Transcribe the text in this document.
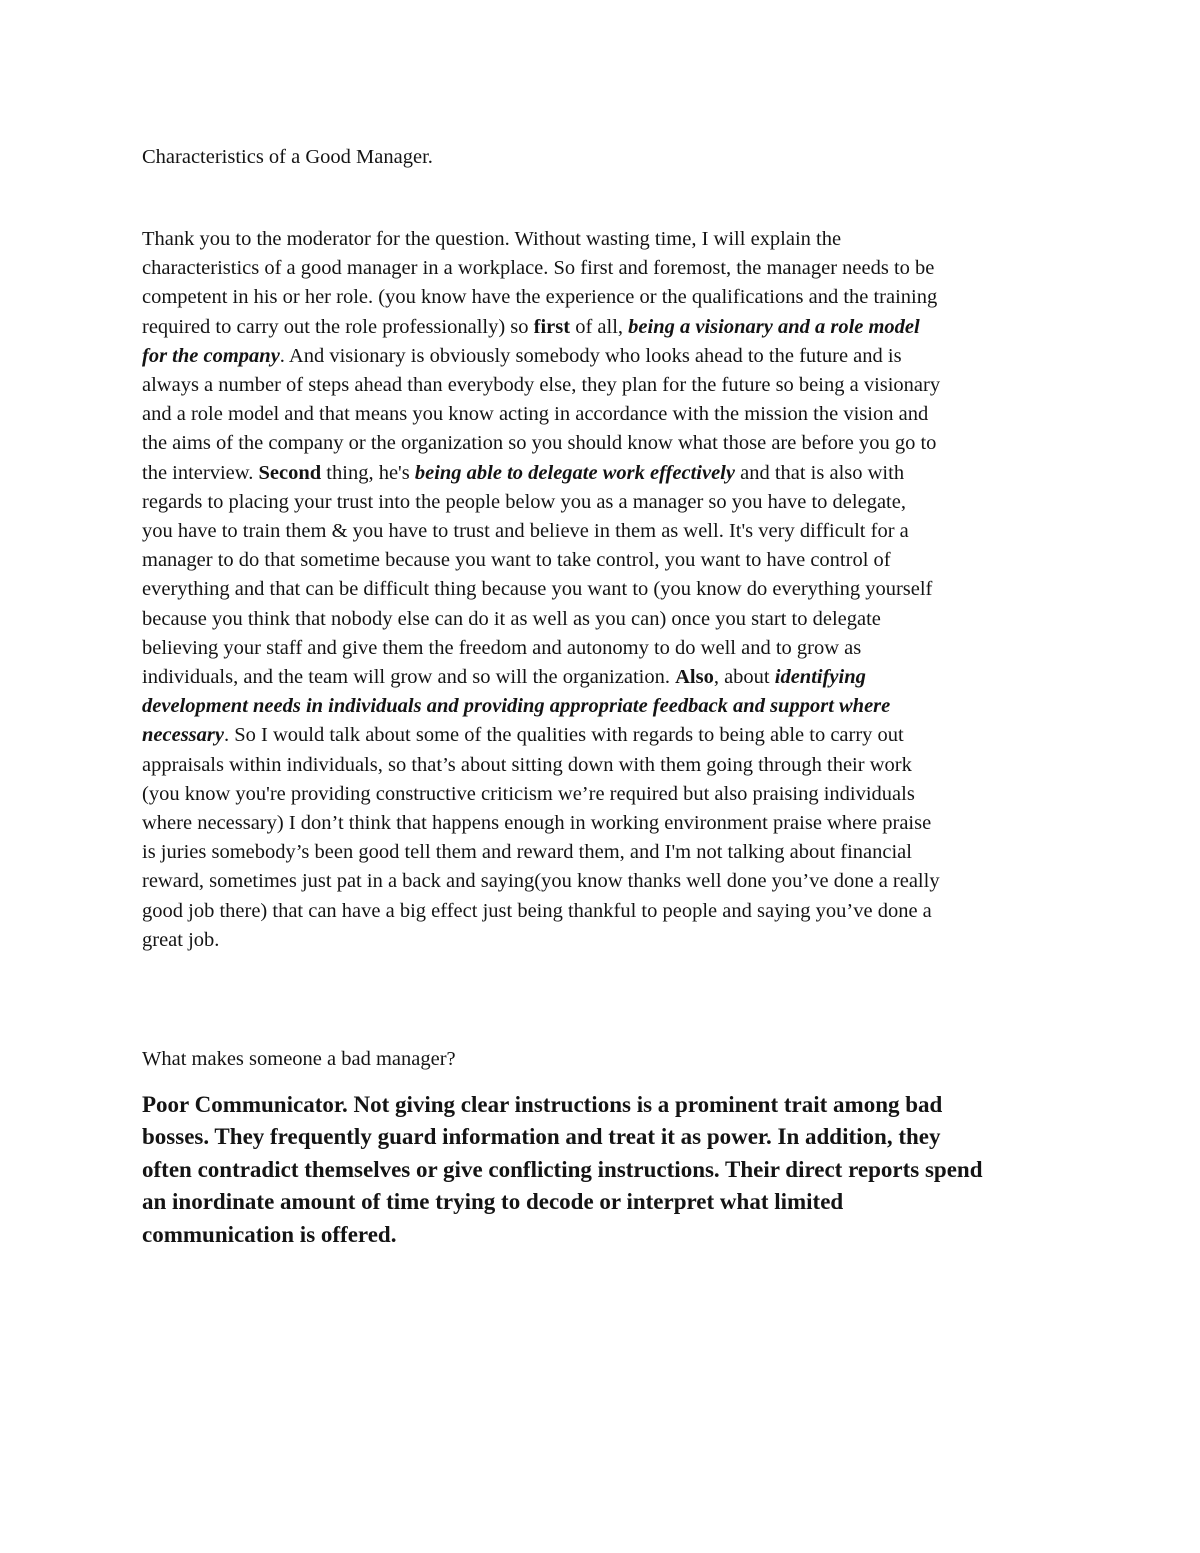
Characteristics of a Good Manager.
Thank you to the moderator for the question. Without wasting time, I will explain the
characteristics of a good manager in a workplace. So first and foremost, the manager needs to be
competent in his or her role. (you know have the experience or the qualifications and the training
required to carry out the role professionally) so first of all, being a visionary and a role model
for the company. And visionary is obviously somebody who looks ahead to the future and is
always a number of steps ahead than everybody else, they plan for the future so being a visionary
and a role model and that means you know acting in accordance with the mission the vision and
the aims of the company or the organization so you should know what those are before you go to
the interview. Second thing, he's being able to delegate work effectively and that is also with
regards to placing your trust into the people below you as a manager so you have to delegate,
you have to train them & you have to trust and believe in them as well. It's very difficult for a
manager to do that sometime because you want to take control, you want to have control of
everything and that can be difficult thing because you want to (you know do everything yourself
because you think that nobody else can do it as well as you can) once you start to delegate
believing your staff and give them the freedom and autonomy to do well and to grow as
individuals, and the team will grow and so will the organization. Also, about identifying
development needs in individuals and providing appropriate feedback and support where
necessary. So I would talk about some of the qualities with regards to being able to carry out
appraisals within individuals, so that’s about sitting down with them going through their work
(you know you're providing constructive criticism we’re required but also praising individuals
where necessary) I don’t think that happens enough in working environment praise where praise
is juries somebody’s been good tell them and reward them, and I'm not talking about financial
reward, sometimes just pat in a back and saying(you know thanks well done you’ve done a really
good job there) that can have a big effect just being thankful to people and saying you’ve done a
great job.
What makes someone a bad manager?
Poor Communicator. Not giving clear instructions is a prominent trait among bad
bosses. They frequently guard information and treat it as power. In addition, they
often contradict themselves or give conflicting instructions. Their direct reports spend
an inordinate amount of time trying to decode or interpret what limited
communication is offered.
